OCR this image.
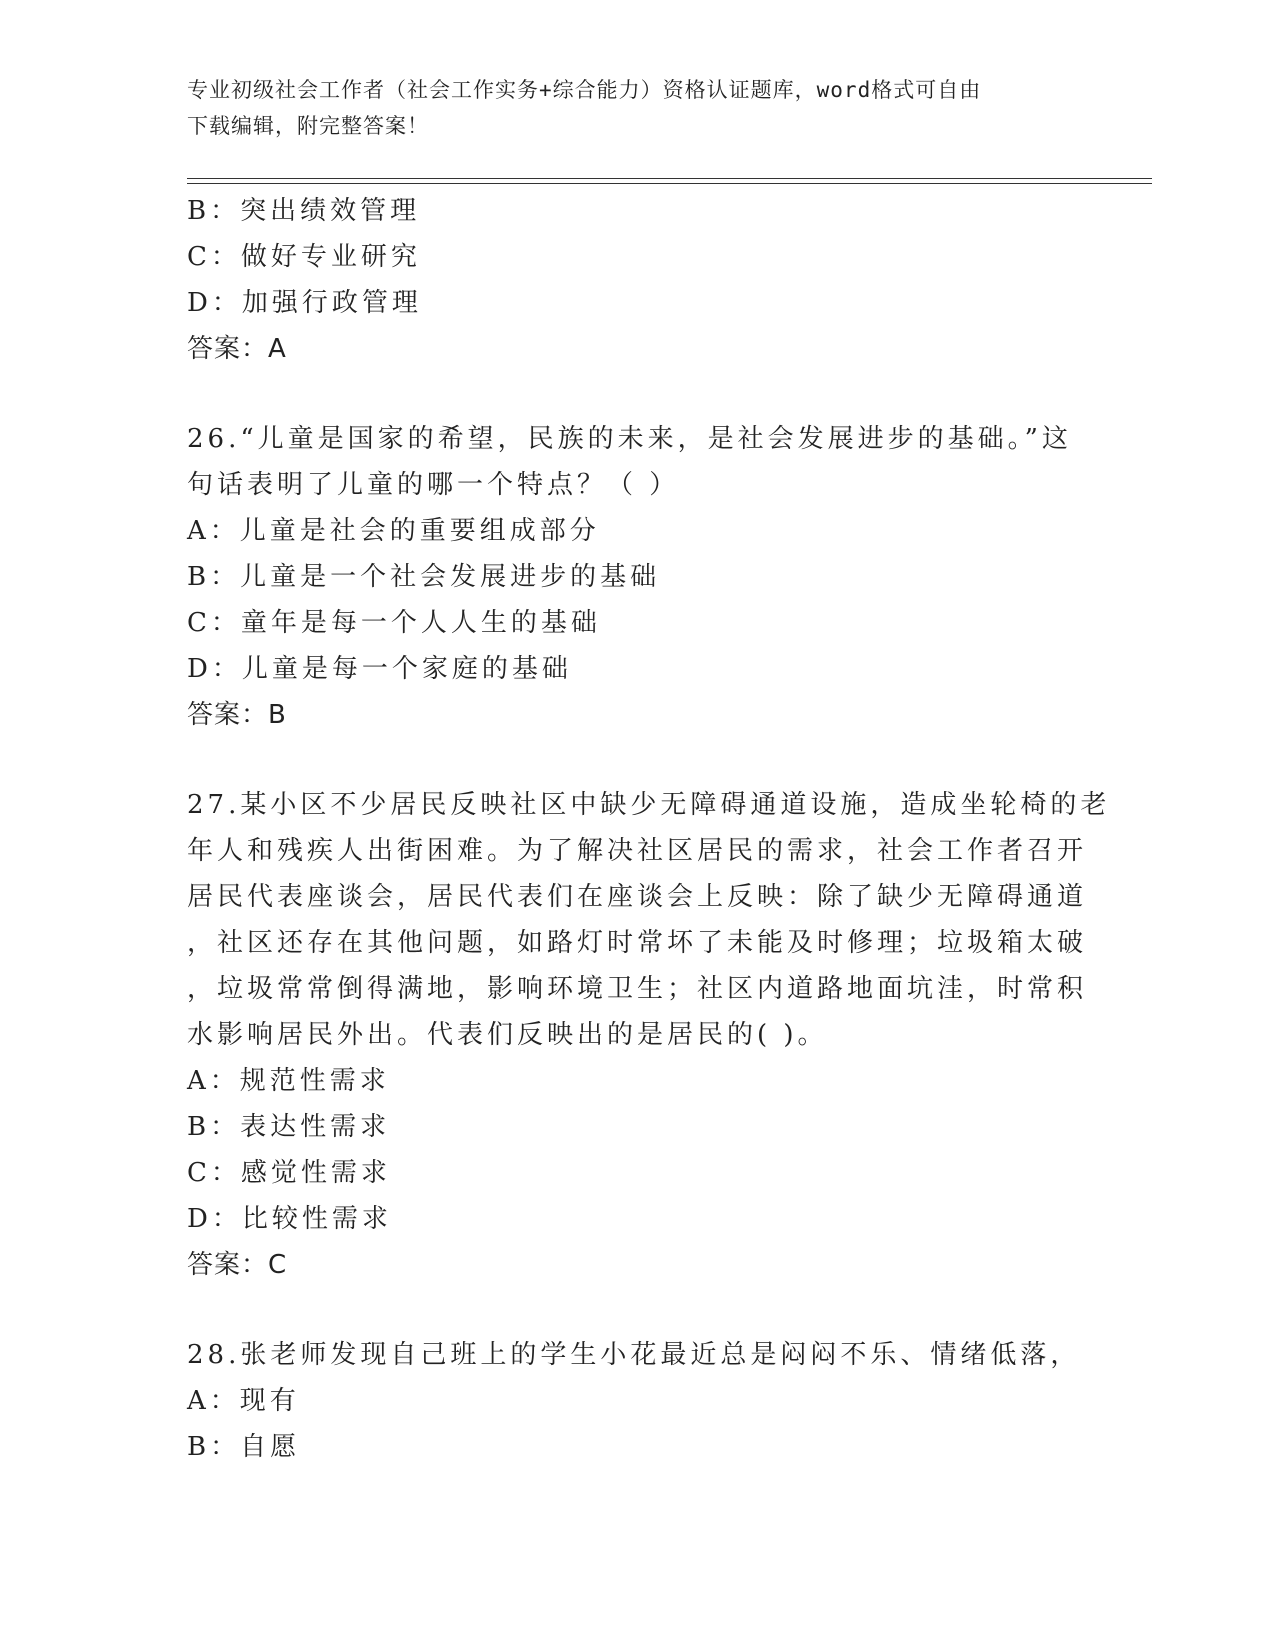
专业初级社会工作者（社会工作实务+综合能力）资格认证题库，word格式可自由
下载编辑，附完整答案！
B：突出绩效管理
C：做好专业研究
D：加强行政管理
答案：A
26.“儿童是国家的希望，民族的未来，是社会发展进步的基础。”这
句话表明了儿童的哪一个特点？（ ）
A：儿童是社会的重要组成部分
B：儿童是一个社会发展进步的基础
C：童年是每一个人人生的基础
D：儿童是每一个家庭的基础
答案：B
27.某小区不少居民反映社区中缺少无障碍通道设施，造成坐轮椅的老
年人和残疾人出街困难。为了解决社区居民的需求，社会工作者召开
居民代表座谈会，居民代表们在座谈会上反映：除了缺少无障碍通道
，社区还存在其他问题，如路灯时常坏了未能及时修理；垃圾箱太破
，垃圾常常倒得满地，影响环境卫生；社区内道路地面坑洼，时常积
水影响居民外出。代表们反映出的是居民的( )。
A：规范性需求
B：表达性需求
C：感觉性需求
D：比较性需求
答案：C
28.张老师发现自己班上的学生小花最近总是闷闷不乐、情绪低落，
A：现有
B：自愿
